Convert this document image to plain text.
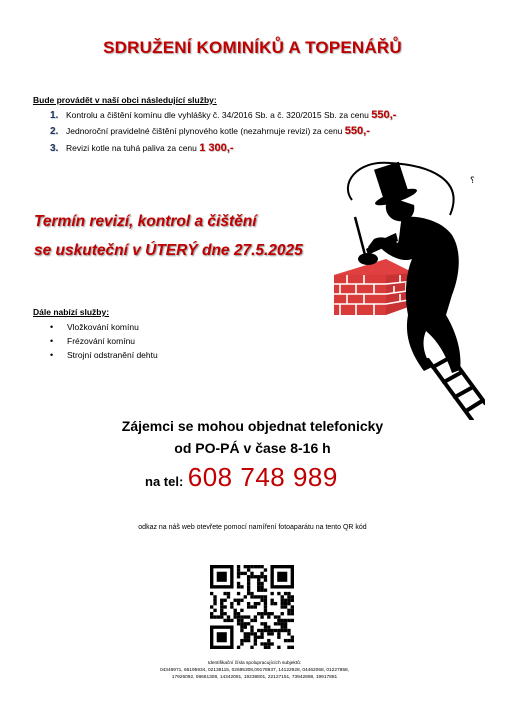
SDRUŽENÍ KOMINÍKŮ A TOPENÁŘŮ
Bude provádět v naší obci následující služby:
1. Kontrolu a čištění komínu dle vyhlášky č. 34/2016 Sb. a č. 320/2015 Sb. za cenu 550,-
2. Jednoroční pravidelné čištění plynového kotle (nezahrnuje revizi) za cenu 550,-
3. Revizi kotle na tuhá paliva za cenu 1 300,-
Termín revizí, kontrol a čištění
se uskuteční v ÚTERÝ dne 27.5.2025
Dále nabízí služby:
• Vložkování komínu
• Frézování komínu
• Strojní odstranění dehtu
⸮
Zájemci se mohou objednat telefonicky
od PO-PÁ v čase 8-16 h
na tel: 608 748 989
odkaz na náš web otevřete pomocí namíření fotoaparátu na tento QR kód
Identifikační čísla spolupracujících subjektů:
04346971, 66195934, 02138115, 02695308,09178937, 14122928, 04462068, 01227858,
17926092, 08661308, 14342081, 19238801, 22127151, 73942898, 19917881
